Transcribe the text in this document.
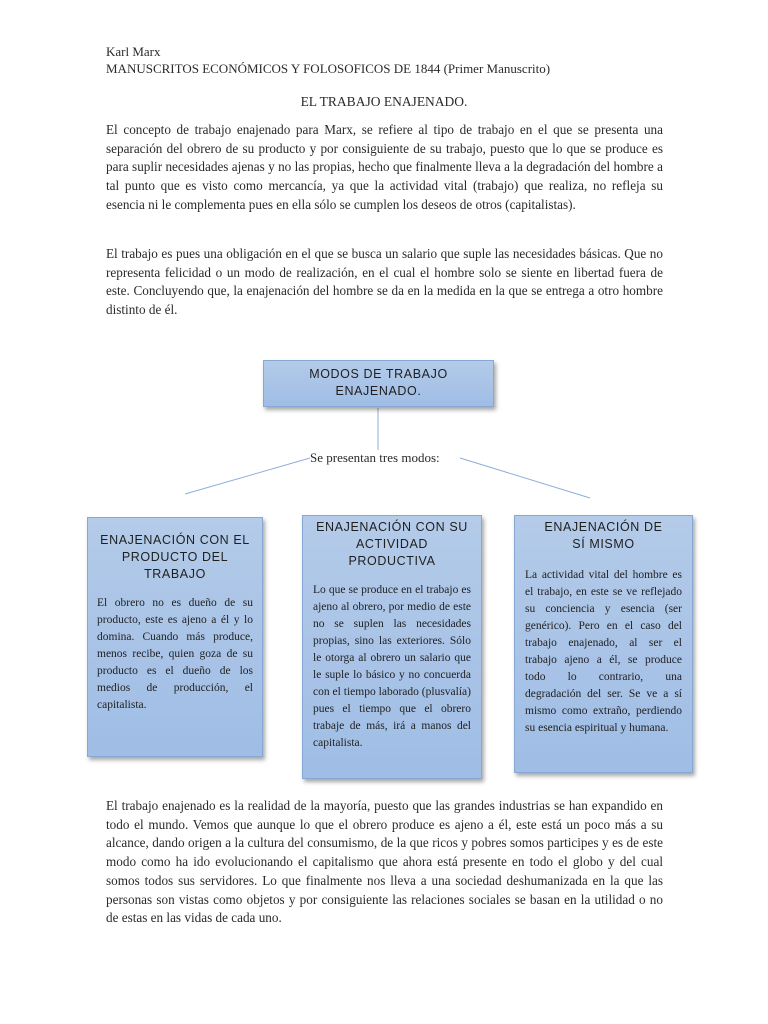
Karl Marx
MANUSCRITOS ECONÓMICOS Y FOLOSOFICOS DE 1844 (Primer Manuscrito)
EL TRABAJO ENAJENADO.

El concepto de trabajo enajenado para Marx, se refiere al tipo de trabajo en el que se presenta una separación del obrero de su producto y por consiguiente de su trabajo, puesto que lo que se produce es para suplir necesidades ajenas y no las propias, hecho que finalmente lleva a la degradación del hombre a tal punto que es visto como mercancía, ya que la actividad vital (trabajo) que realiza, no refleja su esencia ni le complementa pues en ella sólo se cumplen los deseos de otros (capitalistas).

El trabajo es pues una obligación en el que se busca un salario que suple las necesidades básicas. Que no representa felicidad o un modo de realización, en el cual el hombre solo se siente en libertad fuera de este. Concluyendo que, la enajenación del hombre se da en la medida en la que se entrega a otro hombre distinto de él.

MODOS DE TRABAJO ENAJENADO.
Se presentan tres modos:
ENAJENACIÓN CON EL PRODUCTO DEL TRABAJO
El obrero no es dueño de su producto, este es ajeno a él y lo domina. Cuando más produce, menos recibe, quien goza de su producto es el dueño de los medios de producción, el capitalista.
ENAJENACIÓN CON SU ACTIVIDAD PRODUCTIVA
Lo que se produce en el trabajo es ajeno al obrero, por medio de este no se suplen las necesidades propias, sino las exteriores. Sólo le otorga al obrero un salario que le suple lo básico y no concuerda con el tiempo laborado (plusvalía) pues el tiempo que el obrero trabaje de más, irá a manos del capitalista.
ENAJENACIÓN DE SÍ MISMO
La actividad vital del hombre es el trabajo, en este se ve reflejado su conciencia y esencia (ser genérico). Pero en el caso del trabajo enajenado, al ser el trabajo ajeno a él, se produce todo lo contrario, una degradación del ser. Se ve a sí mismo como extraño, perdiendo su esencia espiritual y humana.

El trabajo enajenado es la realidad de la mayoría, puesto que las grandes industrias se han expandido en todo el mundo. Vemos que aunque lo que el obrero produce es ajeno a él, este está un poco más a su alcance, dando origen a la cultura del consumismo, de la que ricos y pobres somos participes y es de este modo como ha ido evolucionando el capitalismo que ahora está presente en todo el globo y del cual somos todos sus servidores. Lo que finalmente nos lleva a una sociedad deshumanizada en la que las personas son vistas como objetos y por consiguiente las relaciones sociales se basan en la utilidad o no de estas en las vidas de cada uno.
